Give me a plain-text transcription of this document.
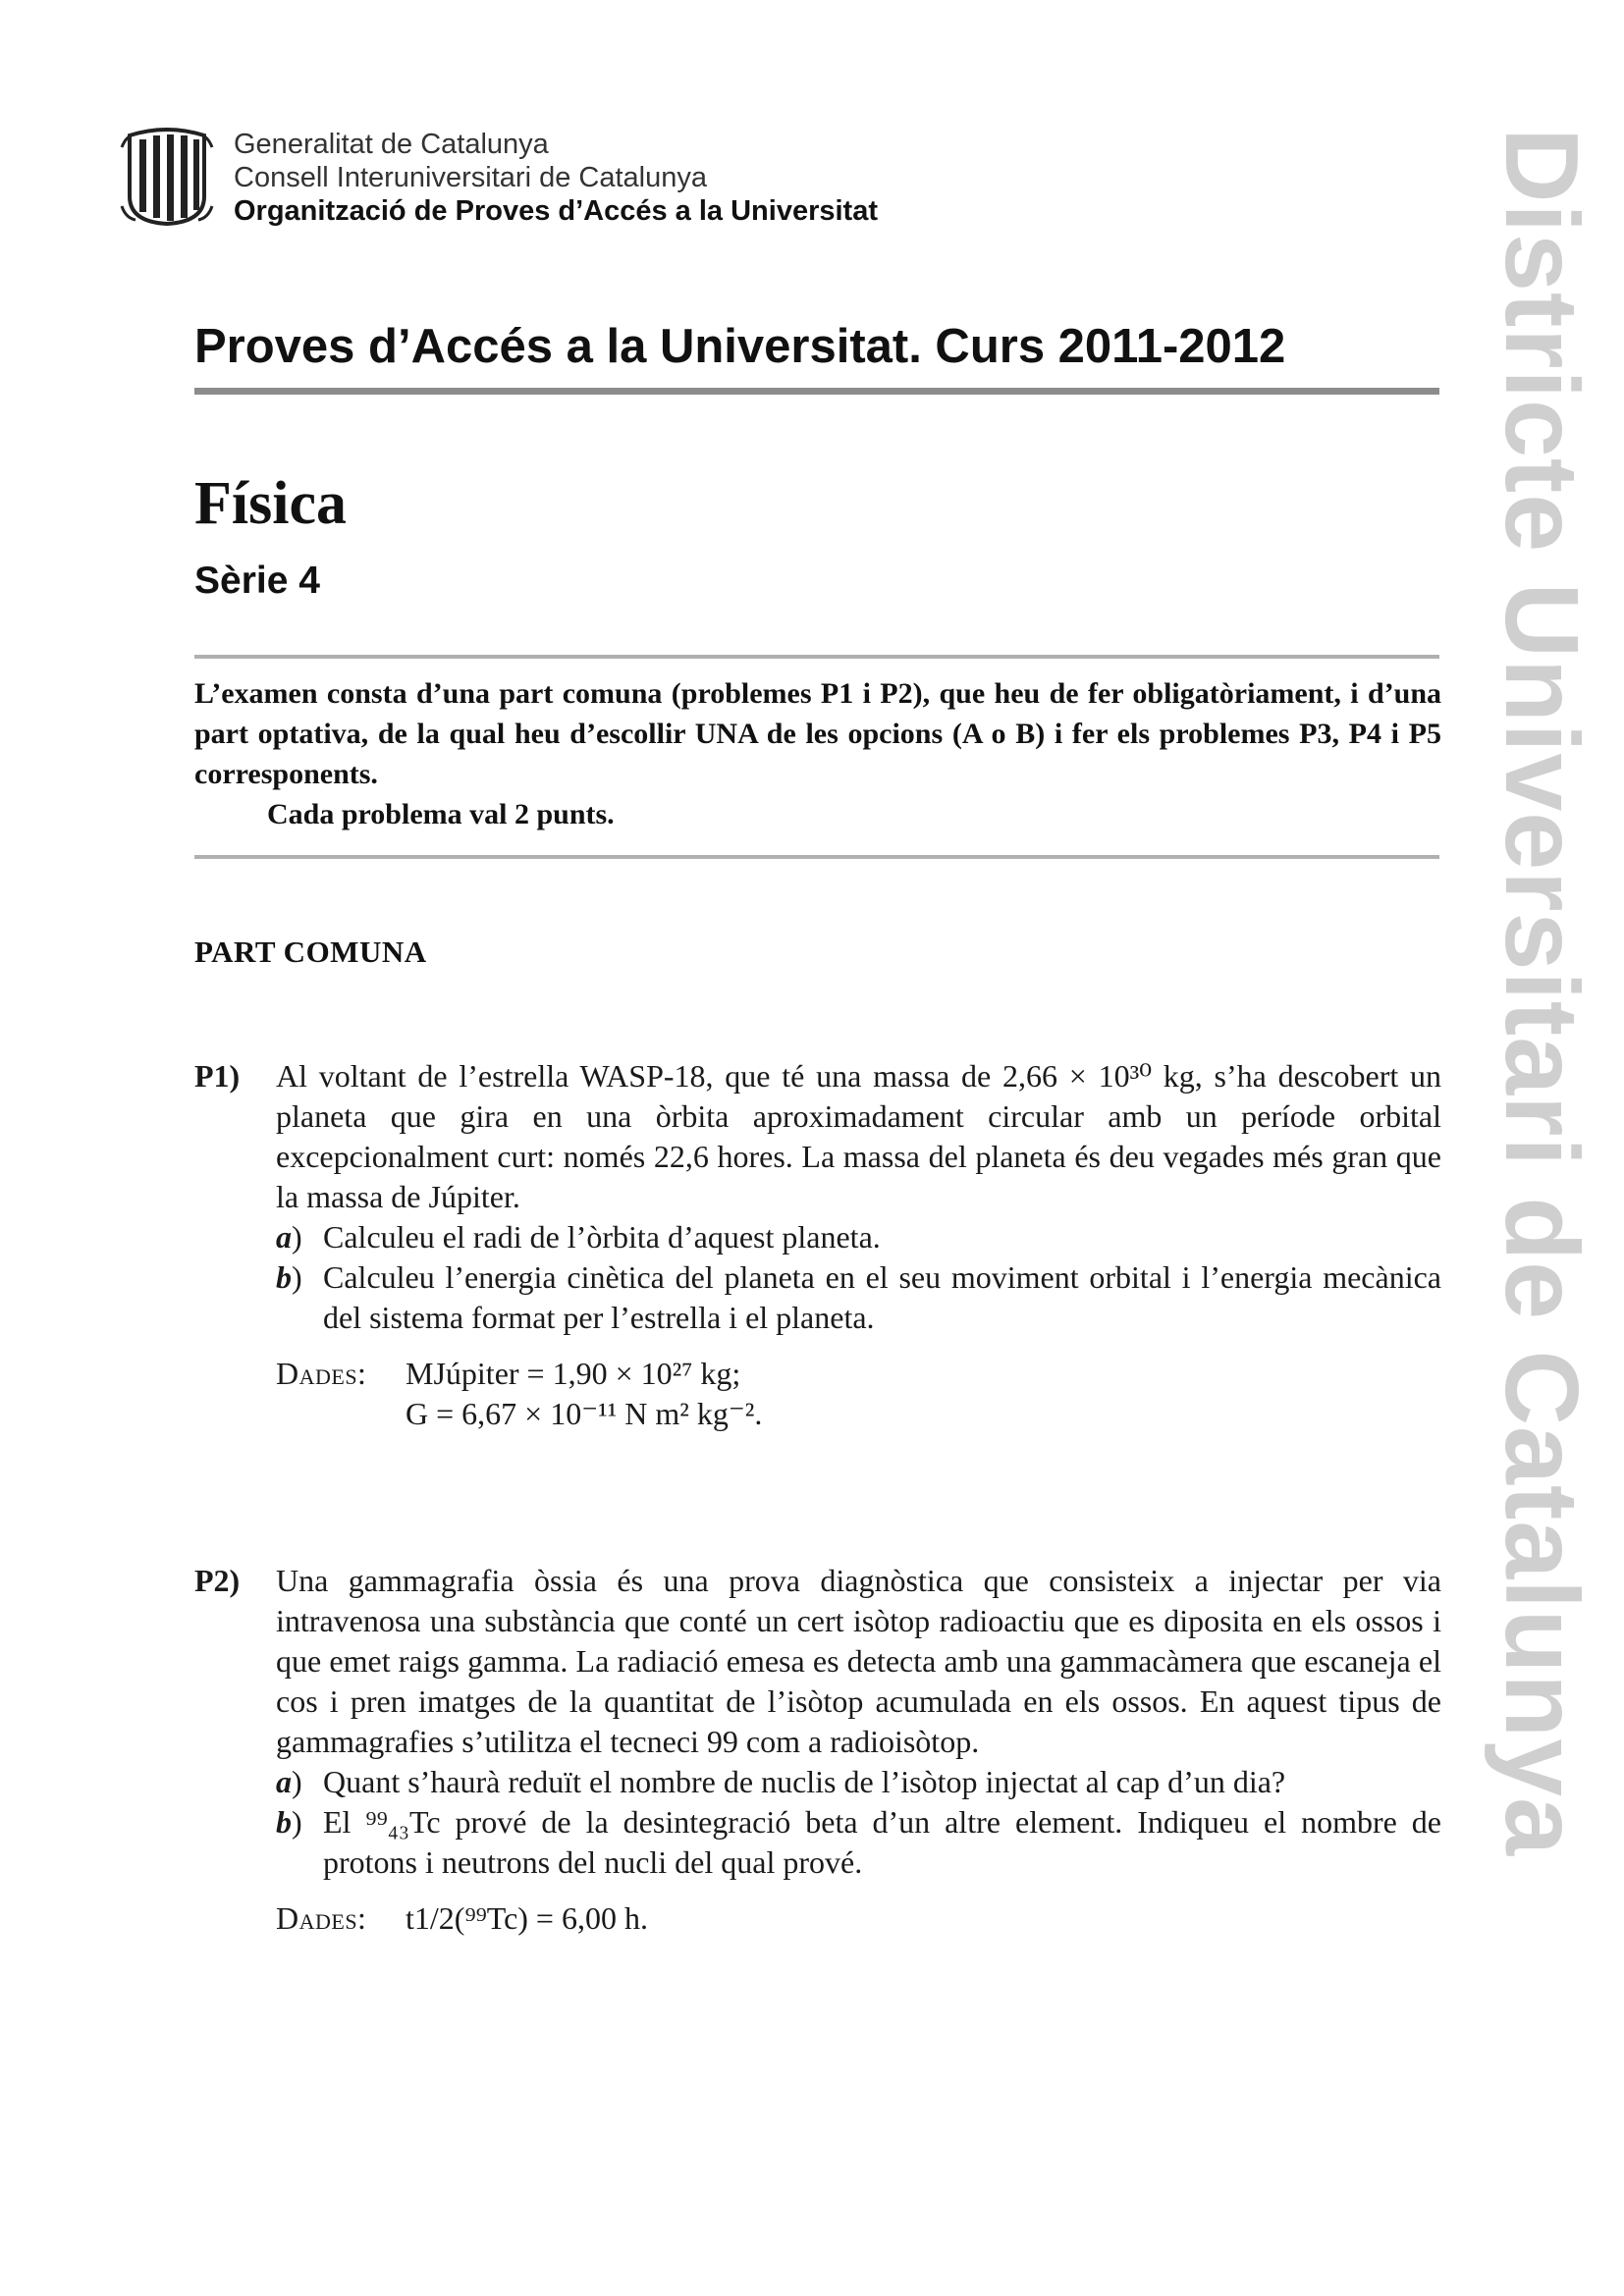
Generalitat de Catalunya
Consell Interuniversitari de Catalunya
Organització de Proves d’Accés a la Universitat
Proves d’Accés a la Universitat. Curs 2011-2012
Física
Sèrie 4
L’examen consta d’una part comuna (problemes P1 i P2), que heu de fer obligatòriament, i d’una part optativa, de la qual heu d’escollir UNA de les opcions (A o B) i fer els problemes P3, P4 i P5 corresponents.
Cada problema val 2 punts.
PART COMUNA
P1) Al voltant de l’estrella WASP-18, que té una massa de 2,66 × 10³⁰ kg, s’ha descobert un planeta que gira en una òrbita aproximadament circular amb un període orbital excepcionalment curt: només 22,6 hores. La massa del planeta és deu vegades més gran que la massa de Júpiter.
a) Calculeu el radi de l’òrbita d’aquest planeta.
b) Calculeu l’energia cinètica del planeta en el seu moviment orbital i l’energia mecànica del sistema format per l’estrella i el planeta.
Dades: MJúpiter = 1,90 × 10²⁷ kg;
G = 6,67 × 10⁻¹¹ N m² kg⁻².
P2) Una gammagrafia òssia és una prova diagnòstica que consisteix a injectar per via intravenosa una substància que conté un cert isòtop radioactiu que es diposita en els ossos i que emet raigs gamma. La radiació emesa es detecta amb una gammacàmera que escaneja el cos i pren imatges de la quantitat de l’isòtop acumulada en els ossos. En aquest tipus de gammagrafies s’utilitza el tecneci 99 com a radioisòtop.
a) Quant s’haurà reduït el nombre de nuclis de l’isòtop injectat al cap d’un dia?
b) El ⁹⁹₄₃Tc prové de la desintegració beta d’un altre element. Indiqueu el nombre de protons i neutrons del nucli del qual prové.
Dades: t1/2(⁹⁹Tc) = 6,00 h.
Districte Universitari de Catalunya
